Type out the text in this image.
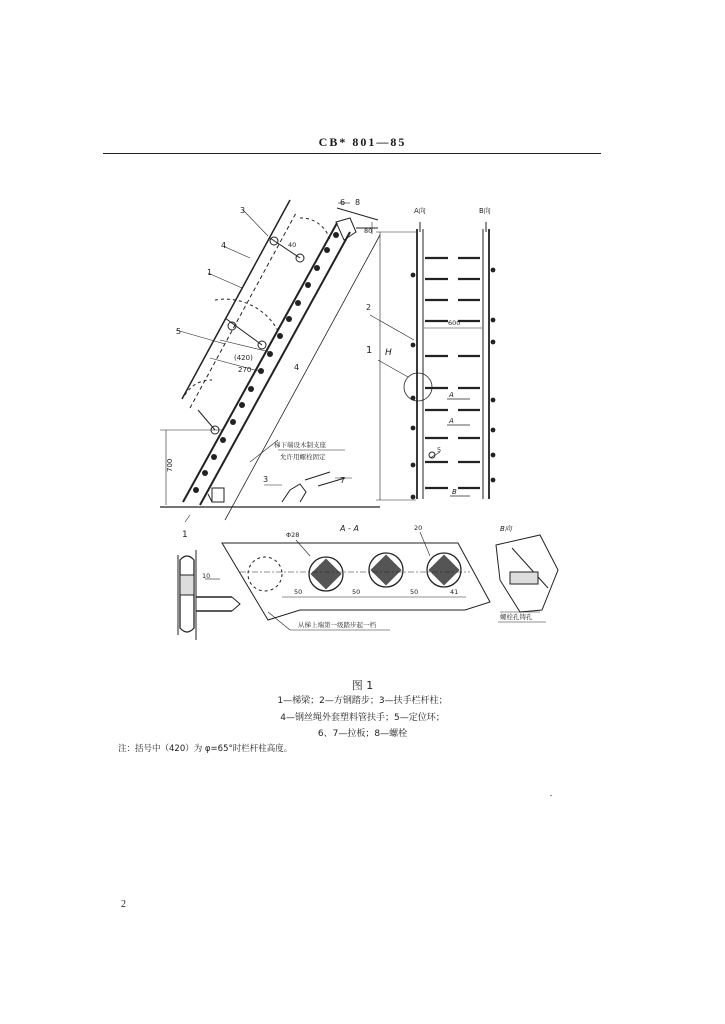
CB* 801—85
3
6 8
4
1
5
4
7
3
40
80
(420)
270
700
600
H
梯下端设木制支座
允许用螺栓固定
A向	B向
2
1
A
A
B
5
1
10
A - A
Φ28
20
50	50	50	41
从梯上端第一级踏步起一档
B向
螺栓孔铸孔
图 1
1—梯梁；2—方钢踏步；3—扶手栏杆柱；
4—钢丝绳外套塑料管扶手；5—定位环；
6、7—拉板；8—螺栓
注：括号中（420）为 φ=65°时栏杆柱高度。
2
